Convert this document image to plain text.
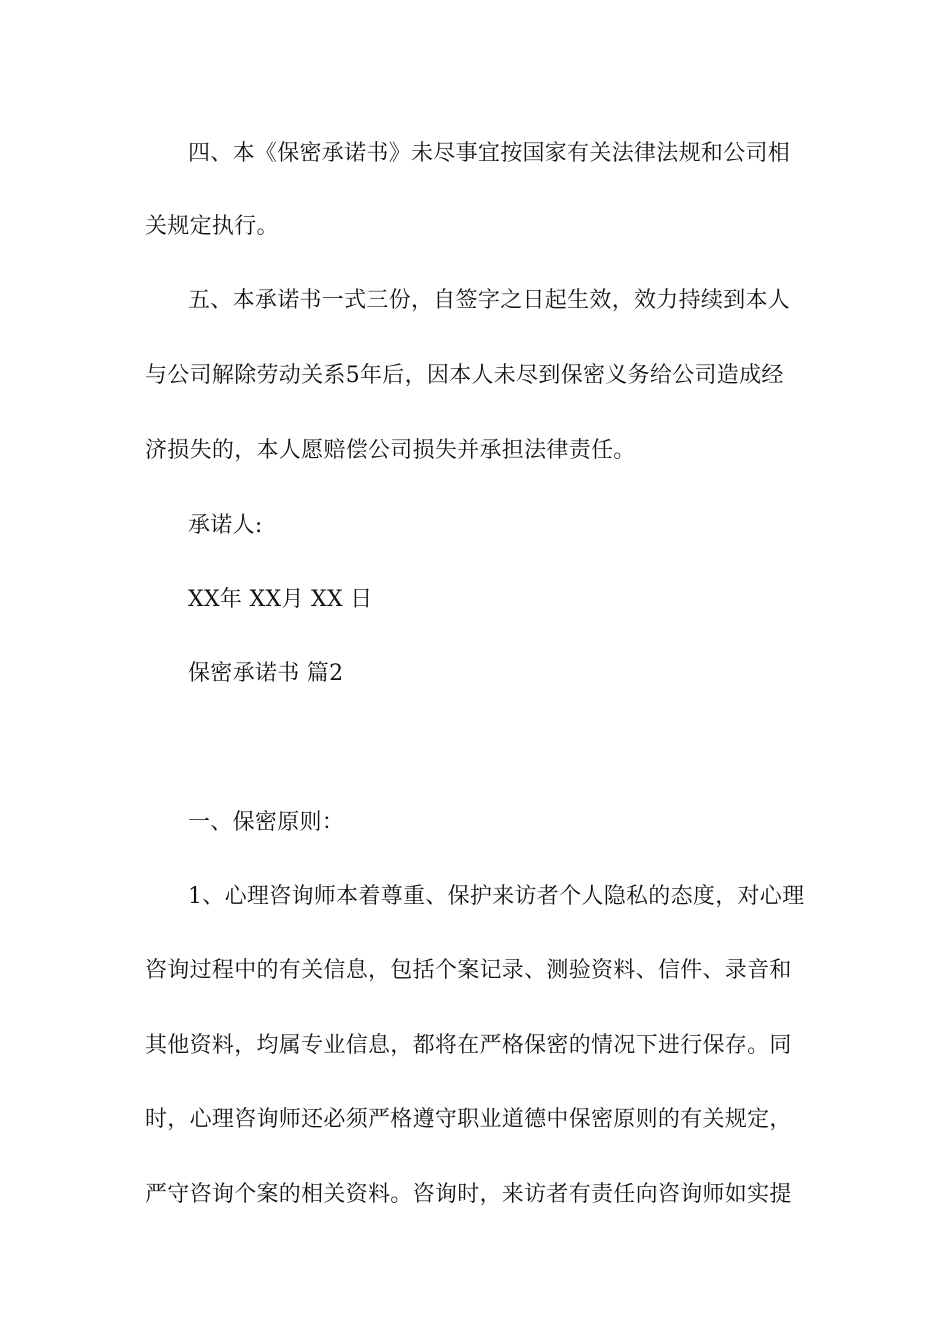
四、本《保密承诺书》未尽事宜按国家有关法律法规和公司相
关规定执行。
五、本承诺书一式三份，自签字之日起生效，效力持续到本人
与公司解除劳动关系5年后，因本人未尽到保密义务给公司造成经
济损失的，本人愿赔偿公司损失并承担法律责任。
承诺人:
XX年 XX月 XX 日
保密承诺书 篇2
一、保密原则：
1、心理咨询师本着尊重、保护来访者个人隐私的态度，对心理
咨询过程中的有关信息，包括个案记录、测验资料、信件、录音和
其他资料，均属专业信息，都将在严格保密的情况下进行保存。同
时，心理咨询师还必须严格遵守职业道德中保密原则的有关规定，
严守咨询个案的相关资料。咨询时，来访者有责任向咨询师如实提
